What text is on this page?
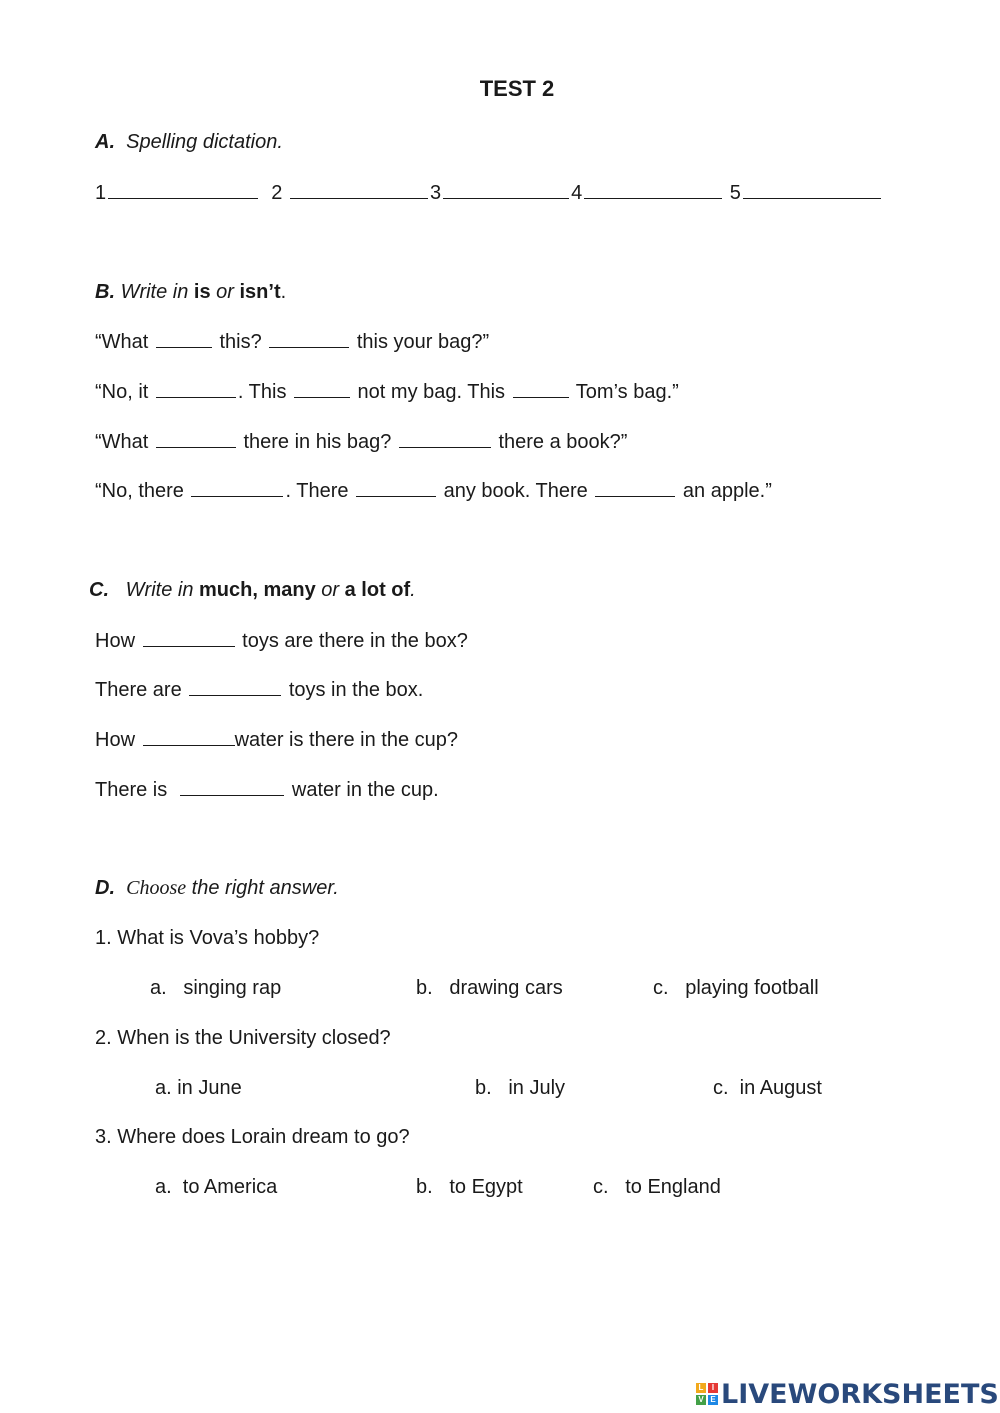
TEST 2
A. Spelling dictation.
1	2	3	4	5
B. Write in is or isn’t.
“What	this?	this your bag?”
“No, it	. This	not my bag. This	Tom’s bag.”
“What	there in his bag?	there a book?”
“No, there	. There	any book. There	an apple.”
C. Write in much, many or a lot of.
How	toys are there in the box?
There are	toys in the box.
How	water is there in the cup?
There is	water in the cup.
D. Choose the right answer.
1. What is Vova’s hobby?
a.   singing rap	b.   drawing cars	c.   playing football
2. When is the University closed?
a. in June	b.   in July	c.  in August
3. Where does Lorain dream to go?
a.  to America	b.   to Egypt	c.   to England
L	I
V E LIVEWORKSHEETS
